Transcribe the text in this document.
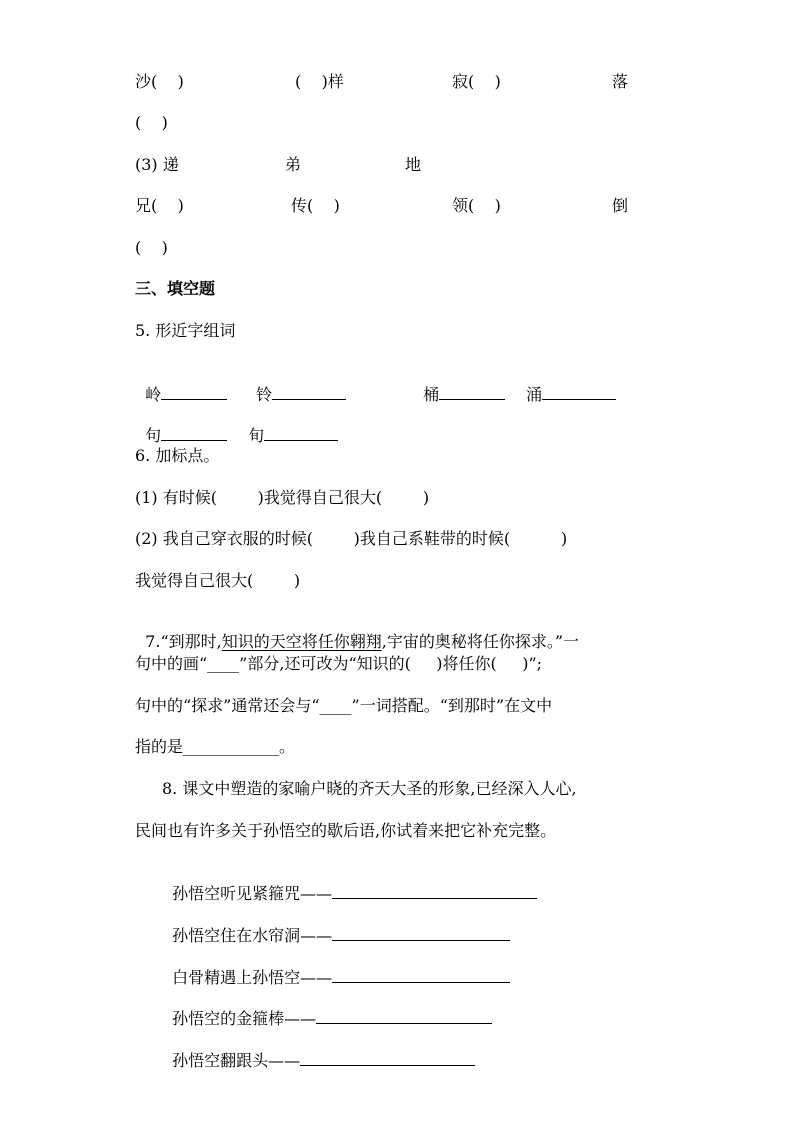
沙(    )	(    )样	寂(    )	落
(    )
(3) 递	弟	地
兄(    )	传(    )	领(    )	倒
(    )
三、填空题
5. 形近字组词

岭	铃	桶	涌

句	旬

6. 加标点。
(1) 有时候(        )我觉得自己很大(        )
(2) 我自己穿衣服的时候(        )我自己系鞋带的时候(          )
我觉得自己很大(        )

7.“到那时,知识的天空将任你翱翔,宇宙的奥秘将任你探求。”一

句中的画“____”部分,还可改为“知识的(     )将任你(     )”;
句中的“探求”通常还会与“____”一词搭配。“到那时”在文中
指的是____________。
8. 课文中塑造的家喻户晓的齐天大圣的形象,已经深入人心,
民间也有许多关于孙悟空的歇后语,你试着来把它补充完整。

孙悟空听见紧箍咒——

孙悟空住在水帘洞——

白骨精遇上孙悟空——

孙悟空的金箍棒——

孙悟空翻跟头——
